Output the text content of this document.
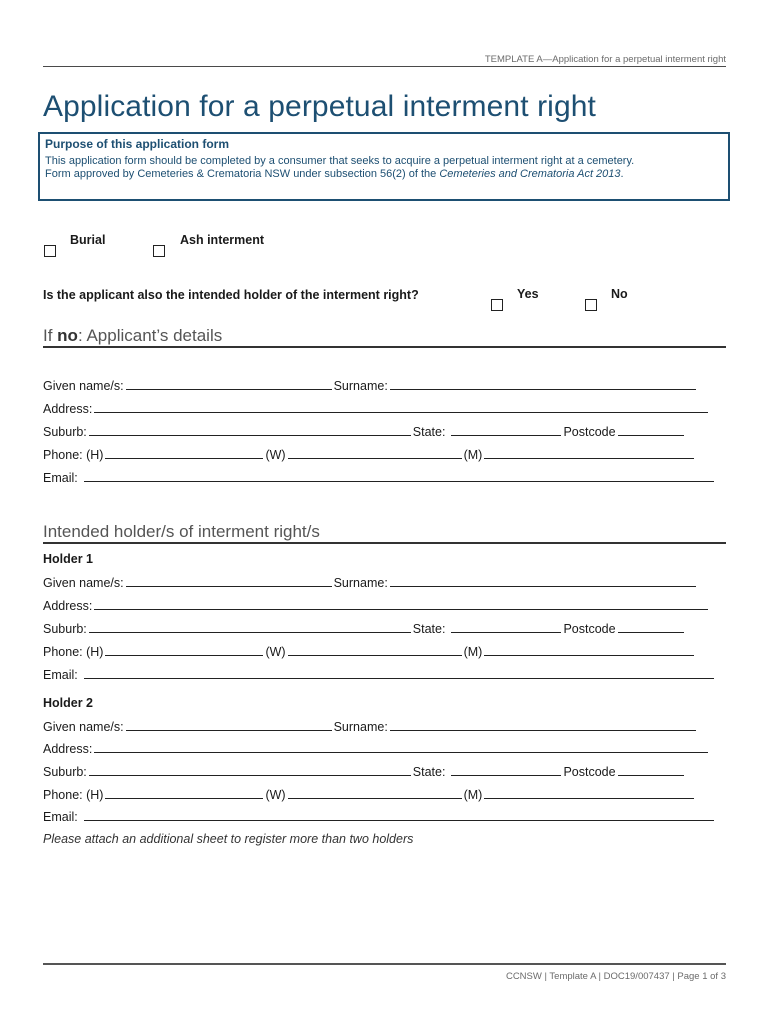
TEMPLATE A—Application for a perpetual interment right
Application for a perpetual interment right
Purpose of this application form
This application form should be completed by a consumer that seeks to acquire a perpetual interment right at a cemetery.
Form approved by Cemeteries & Crematoria NSW under subsection 56(2) of the Cemeteries and Crematoria Act 2013.
Burial	Ash interment
Is the applicant also the intended holder of the interment right?	Yes	No
If no: Applicant’s details
Given name/s:	Surname:
Address:
Suburb:	State:	Postcode
Phone: (H)	(W)	(M)
Email:
Intended holder/s of interment right/s
Holder 1
Given name/s:	Surname:
Address:
Suburb:	State:	Postcode
Phone: (H)	(W)	(M)
Email:
Holder 2
Given name/s:	Surname:
Address:
Suburb:	State:	Postcode
Phone: (H)	(W)	(M)
Email:
Please attach an additional sheet to register more than two holders
CCNSW | Template A | DOC19/007437 | Page 1 of 3
